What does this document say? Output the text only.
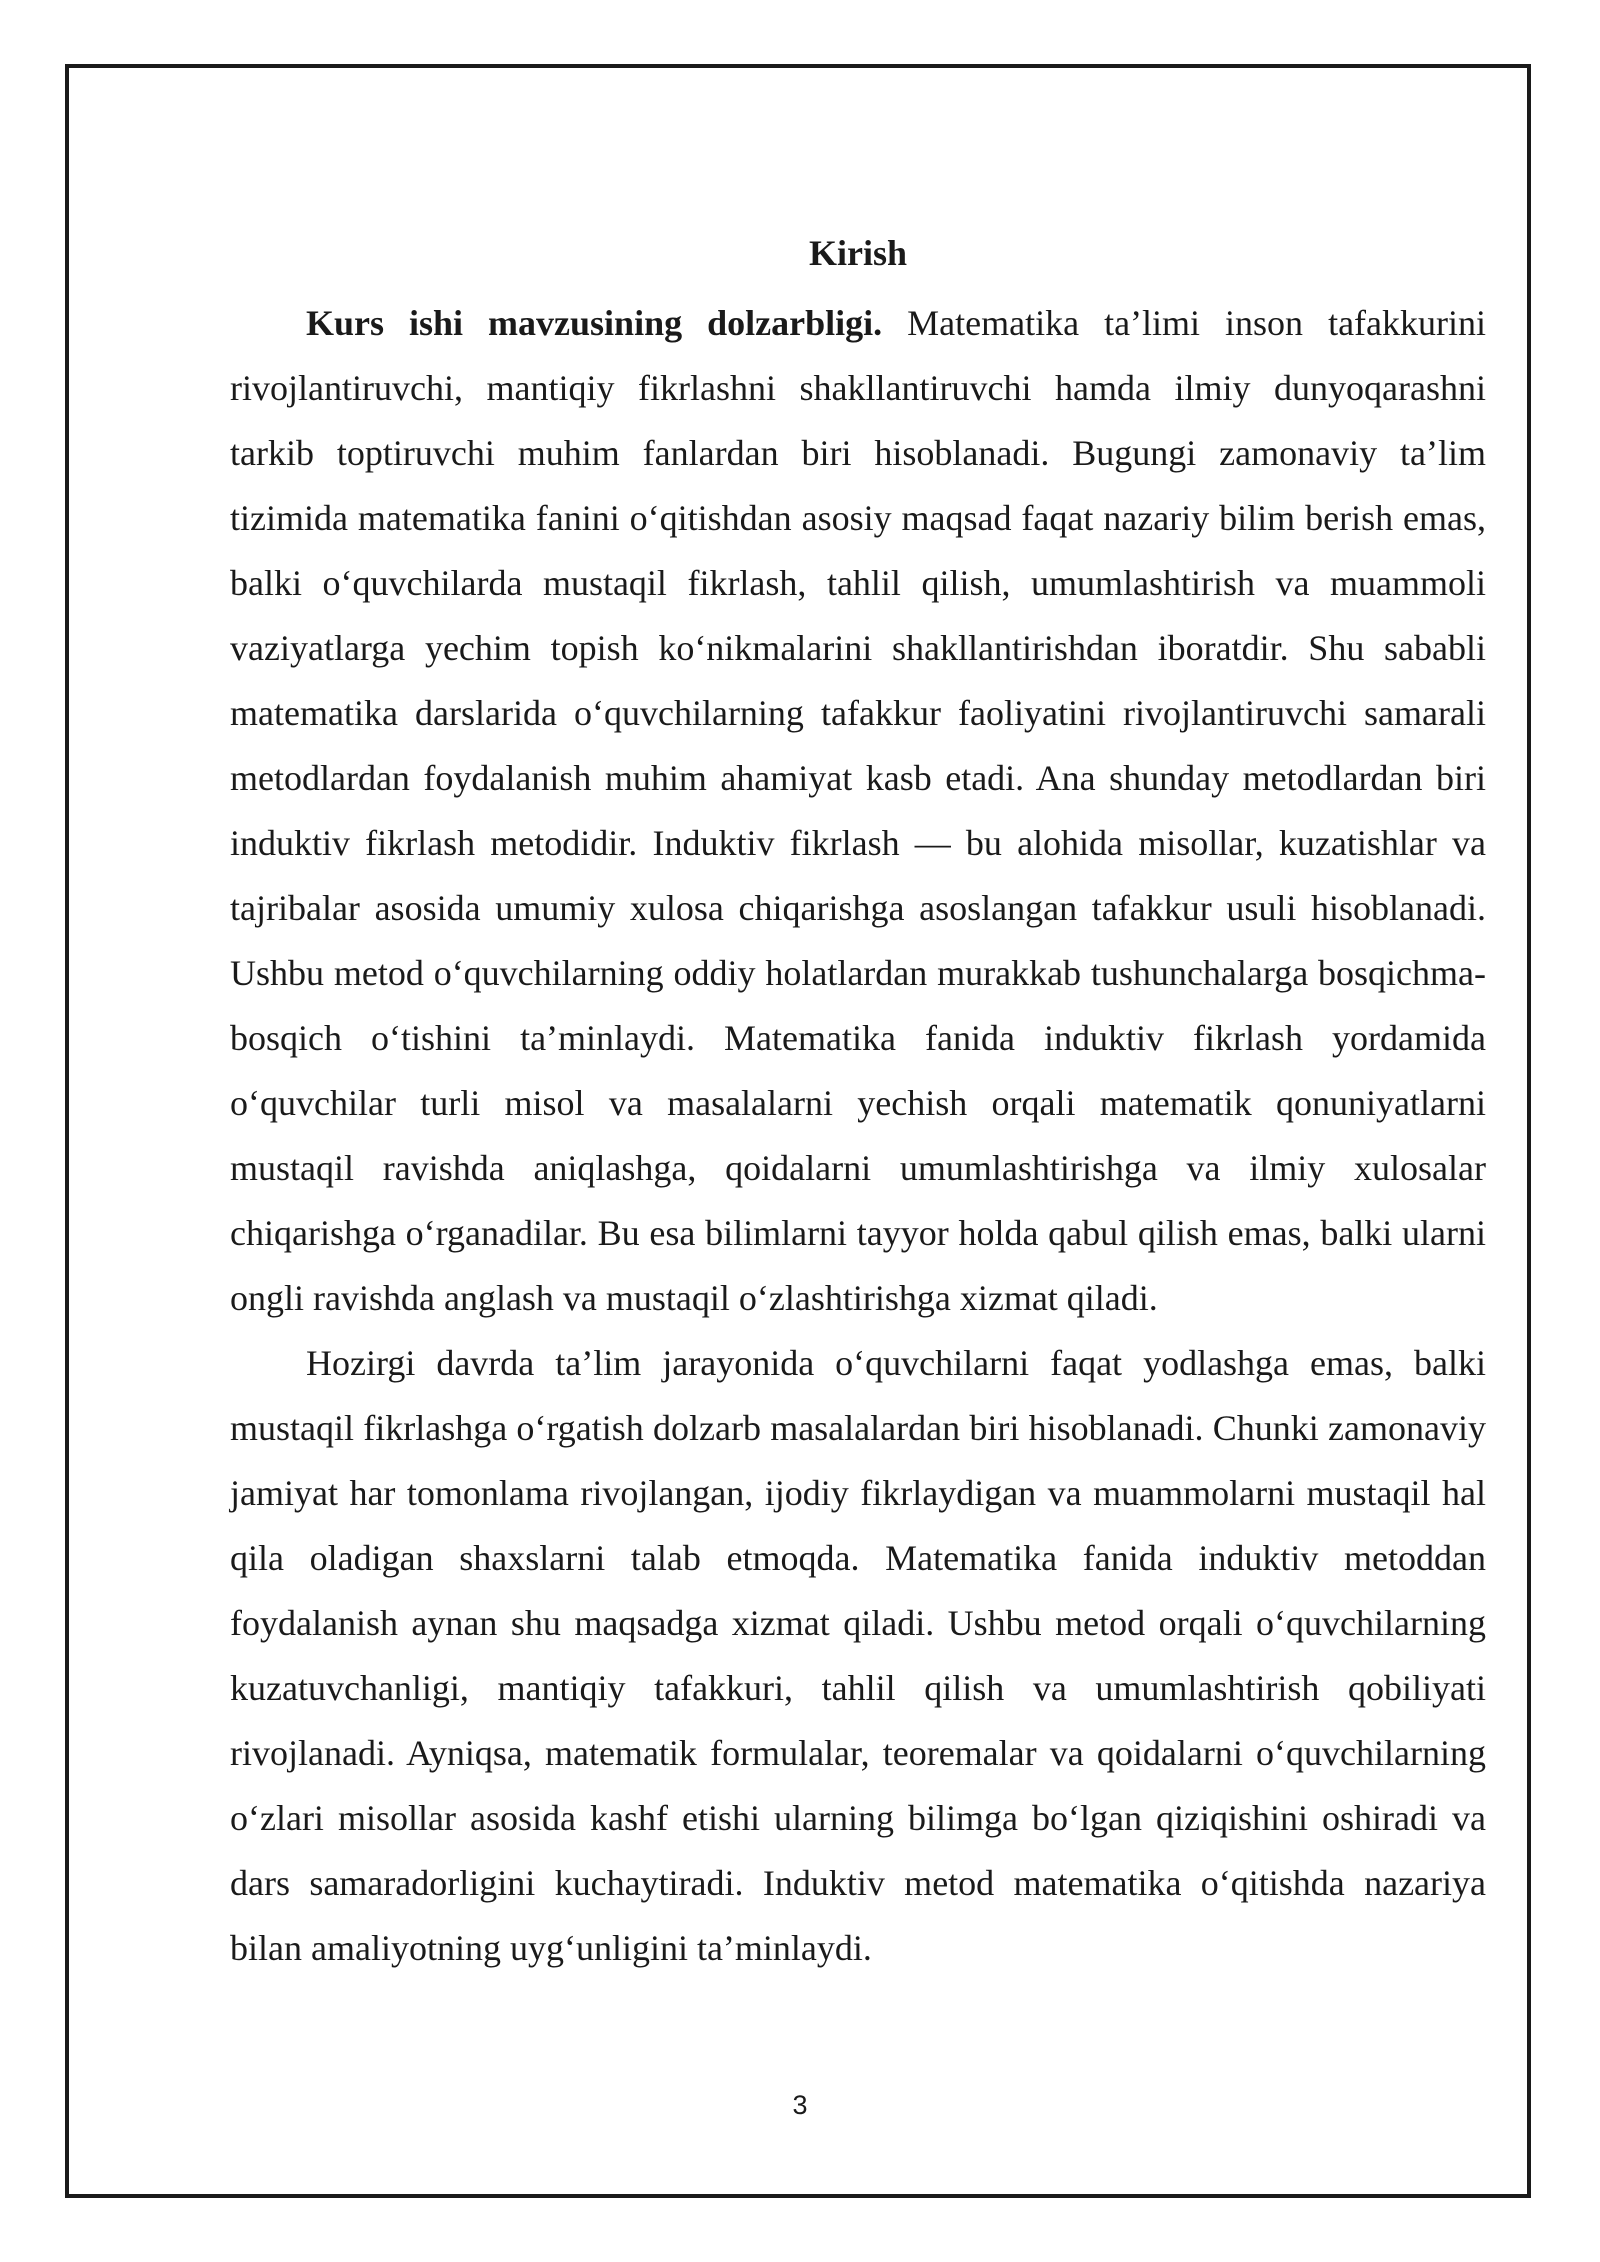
Kirish

Kurs ishi mavzusining dolzarbligi. Matematika ta’limi inson tafakkurini rivojlantiruvchi, mantiqiy fikrlashni shakllantiruvchi hamda ilmiy dunyoqarashni tarkib toptiruvchi muhim fanlardan biri hisoblanadi. Bugungi zamonaviy ta’lim tizimida matematika fanini o‘qitishdan asosiy maqsad faqat nazariy bilim berish emas, balki o‘quvchilarda mustaqil fikrlash, tahlil qilish, umumlashtirish va muammoli vaziyatlarga yechim topish ko‘nikmalarini shakllantirishdan iboratdir. Shu sababli matematika darslarida o‘quvchilarning tafakkur faoliyatini rivojlantiruvchi samarali metodlardan foydalanish muhim ahamiyat kasb etadi. Ana shunday metodlardan biri induktiv fikrlash metodidir. Induktiv fikrlash — bu alohida misollar, kuzatishlar va tajribalar asosida umumiy xulosa chiqarishga asoslangan tafakkur usuli hisoblanadi. Ushbu metod o‘quvchilarning oddiy holatlardan murakkab tushunchalarga bosqichma-bosqich o‘tishini ta’minlaydi. Matematika fanida induktiv fikrlash yordamida o‘quvchilar turli misol va masalalarni yechish orqali matematik qonuniyatlarni mustaqil ravishda aniqlashga, qoidalarni umumlashtirishga va ilmiy xulosalar chiqarishga o‘rganadilar. Bu esa bilimlarni tayyor holda qabul qilish emas, balki ularni ongli ravishda anglash va mustaqil o‘zlashtirishga xizmat qiladi.

Hozirgi davrda ta’lim jarayonida o‘quvchilarni faqat yodlashga emas, balki mustaqil fikrlashga o‘rgatish dolzarb masalalardan biri hisoblanadi. Chunki zamonaviy jamiyat har tomonlama rivojlangan, ijodiy fikrlaydigan va muammolarni mustaqil hal qila oladigan shaxslarni talab etmoqda. Matematika fanida induktiv metoddan foydalanish aynan shu maqsadga xizmat qiladi. Ushbu metod orqali o‘quvchilarning kuzatuvchanligi, mantiqiy tafakkuri, tahlil qilish va umumlashtirish qobiliyati rivojlanadi. Ayniqsa, matematik formulalar, teoremalar va qoidalarni o‘quvchilarning o‘zlari misollar asosida kashf etishi ularning bilimga bo‘lgan qiziqishini oshiradi va dars samaradorligini kuchaytiradi. Induktiv metod matematika o‘qitishda nazariya bilan amaliyotning uyg‘unligini ta’minlaydi.

3
